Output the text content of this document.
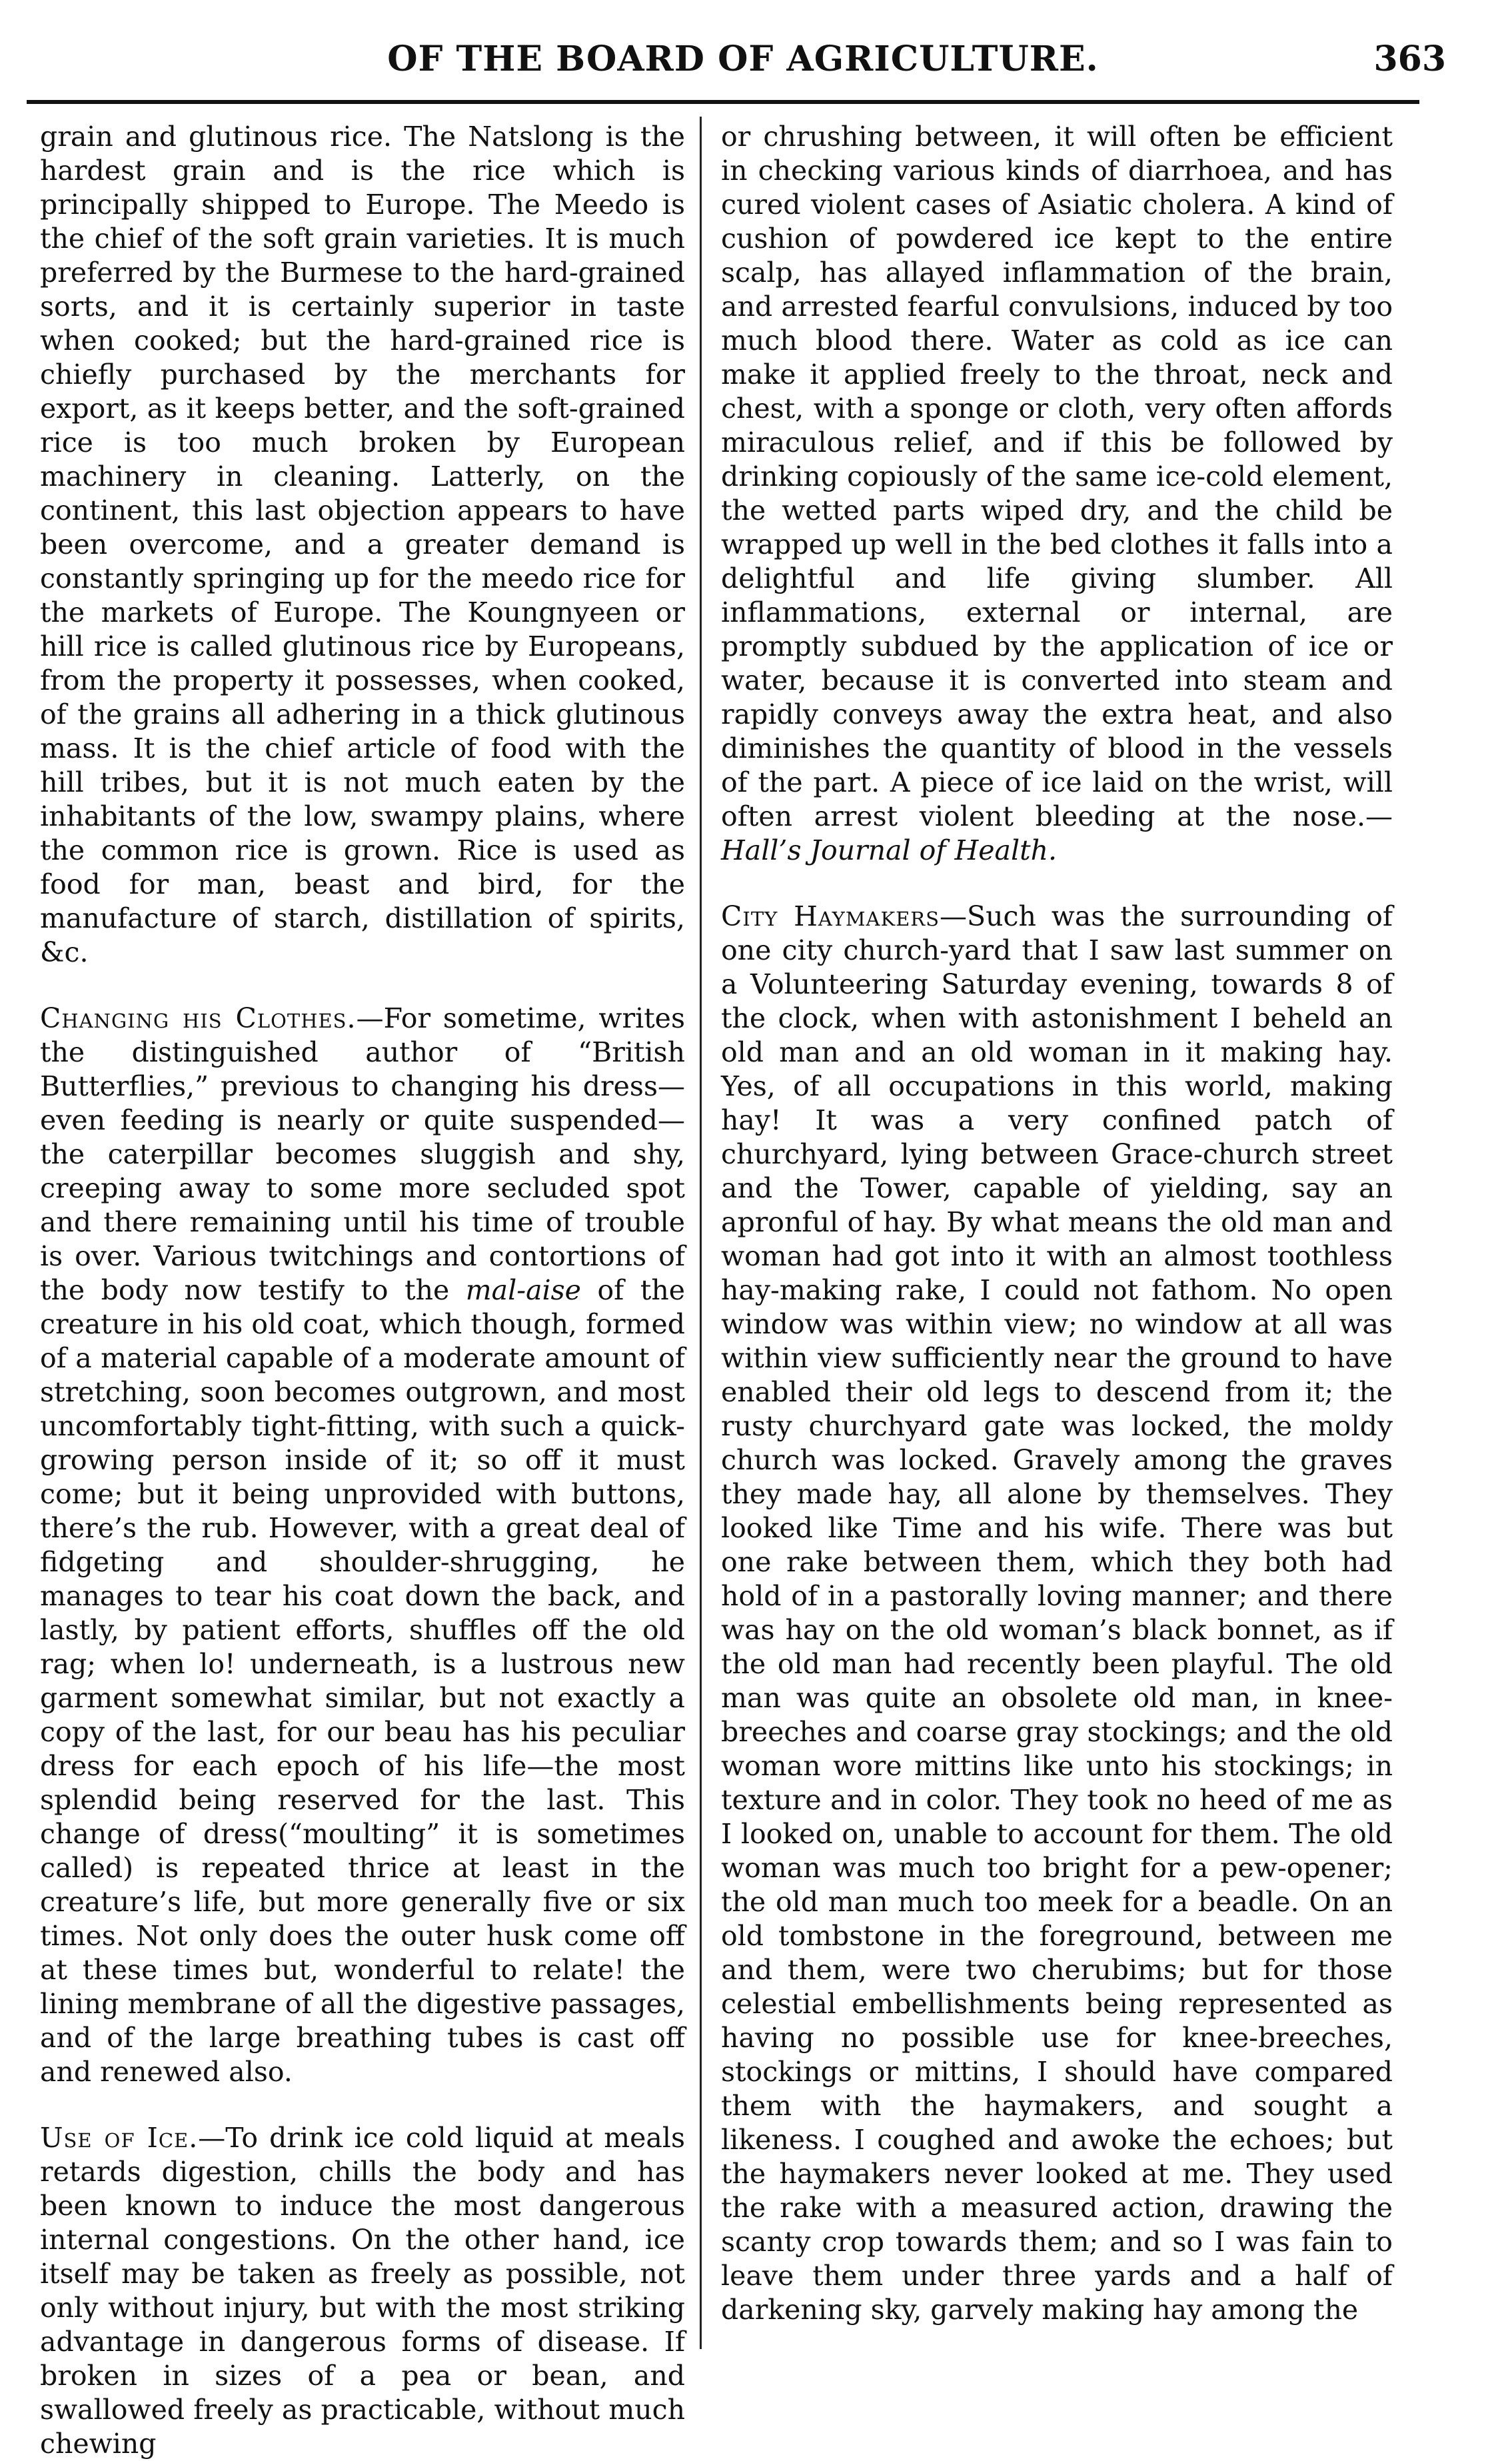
OF THE BOARD OF AGRICULTURE.	363

grain and glutinous rice. The Natslong is the hardest grain and is the rice which is principally shipped to Europe. The Meedo is the chief of the soft grain varieties. It is much preferred by the Burmese to the hard-grained sorts, and it is certainly superior in taste when cooked; but the hard-grained rice is chiefly purchased by the merchants for export, as it keeps better, and the soft-grained rice is too much broken by European machinery in cleaning. Latterly, on the continent, this last objection appears to have been overcome, and a greater demand is constantly springing up for the meedo rice for the markets of Europe. The Koungnyeen or hill rice is called glutinous rice by Europeans, from the property it possesses, when cooked, of the grains all adhering in a thick glutinous mass. It is the chief article of food with the hill tribes, but it is not much eaten by the inhabitants of the low, swampy plains, where the common rice is grown. Rice is used as food for man, beast and bird, for the manufacture of starch, distillation of spirits, &c.

Changing his Clothes.—For sometime, writes the distinguished author of “British Butterflies,” previous to changing his dress—even feeding is nearly or quite suspended—the caterpillar becomes sluggish and shy, creeping away to some more secluded spot and there remaining until his time of trouble is over. Various twitchings and contortions of the body now testify to the mal-aise of the creature in his old coat, which though, formed of a material capable of a moderate amount of stretching, soon becomes outgrown, and most uncomfortably tight-fitting, with such a quick-growing person inside of it; so off it must come; but it being unprovided with buttons, there’s the rub. However, with a great deal of fidgeting and shoulder-shrugging, he manages to tear his coat down the back, and lastly, by patient efforts, shuffles off the old rag; when lo! underneath, is a lustrous new garment somewhat similar, but not exactly a copy of the last, for our beau has his peculiar dress for each epoch of his life—the most splendid being reserved for the last. This change of dress(“moulting” it is sometimes called) is repeated thrice at least in the creature’s life, but more generally five or six times. Not only does the outer husk come off at these times but, wonderful to relate! the lining membrane of all the digestive passages, and of the large breathing tubes is cast off and renewed also.

Use of Ice.—To drink ice cold liquid at meals retards digestion, chills the body and has been known to induce the most dangerous internal congestions. On the other hand, ice itself may be taken as freely as possible, not only without injury, but with the most striking advantage in dangerous forms of disease. If broken in sizes of a pea or bean, and swallowed freely as practicable, without much chewing

or chrushing between, it will often be efficient in checking various kinds of diarrhoea, and has cured violent cases of Asiatic cholera. A kind of cushion of powdered ice kept to the entire scalp, has allayed inflammation of the brain, and arrested fearful convulsions, induced by too much blood there. Water as cold as ice can make it applied freely to the throat, neck and chest, with a sponge or cloth, very often affords miraculous relief, and if this be followed by drinking copiously of the same ice-cold element, the wetted parts wiped dry, and the child be wrapped up well in the bed clothes it falls into a delightful and life giving slumber. All inflammations, external or internal, are promptly subdued by the application of ice or water, because it is converted into steam and rapidly conveys away the extra heat, and also diminishes the quantity of blood in the vessels of the part. A piece of ice laid on the wrist, will often arrest violent bleeding at the nose.—Hall’s Journal of Health.

City Haymakers—Such was the surrounding of one city church-yard that I saw last summer on a Volunteering Saturday evening, towards 8 of the clock, when with astonishment I beheld an old man and an old woman in it making hay. Yes, of all occupations in this world, making hay! It was a very confined patch of churchyard, lying between Grace-church street and the Tower, capable of yielding, say an apronful of hay. By what means the old man and woman had got into it with an almost toothless hay-making rake, I could not fathom. No open window was within view; no window at all was within view sufficiently near the ground to have enabled their old legs to descend from it; the rusty churchyard gate was locked, the moldy church was locked. Gravely among the graves they made hay, all alone by themselves. They looked like Time and his wife. There was but one rake between them, which they both had hold of in a pastorally loving manner; and there was hay on the old woman’s black bonnet, as if the old man had recently been playful. The old man was quite an obsolete old man, in knee-breeches and coarse gray stockings; and the old woman wore mittins like unto his stockings; in texture and in color. They took no heed of me as I looked on, unable to account for them. The old woman was much too bright for a pew-opener; the old man much too meek for a beadle. On an old tombstone in the foreground, between me and them, were two cherubims; but for those celestial embellishments being represented as having no possible use for knee-breeches, stockings or mittins, I should have compared them with the haymakers, and sought a likeness. I coughed and awoke the echoes; but the haymakers never looked at me. They used the rake with a measured action, drawing the scanty crop towards them; and so I was fain to leave them under three yards and a half of darkening sky, garvely making hay among the
